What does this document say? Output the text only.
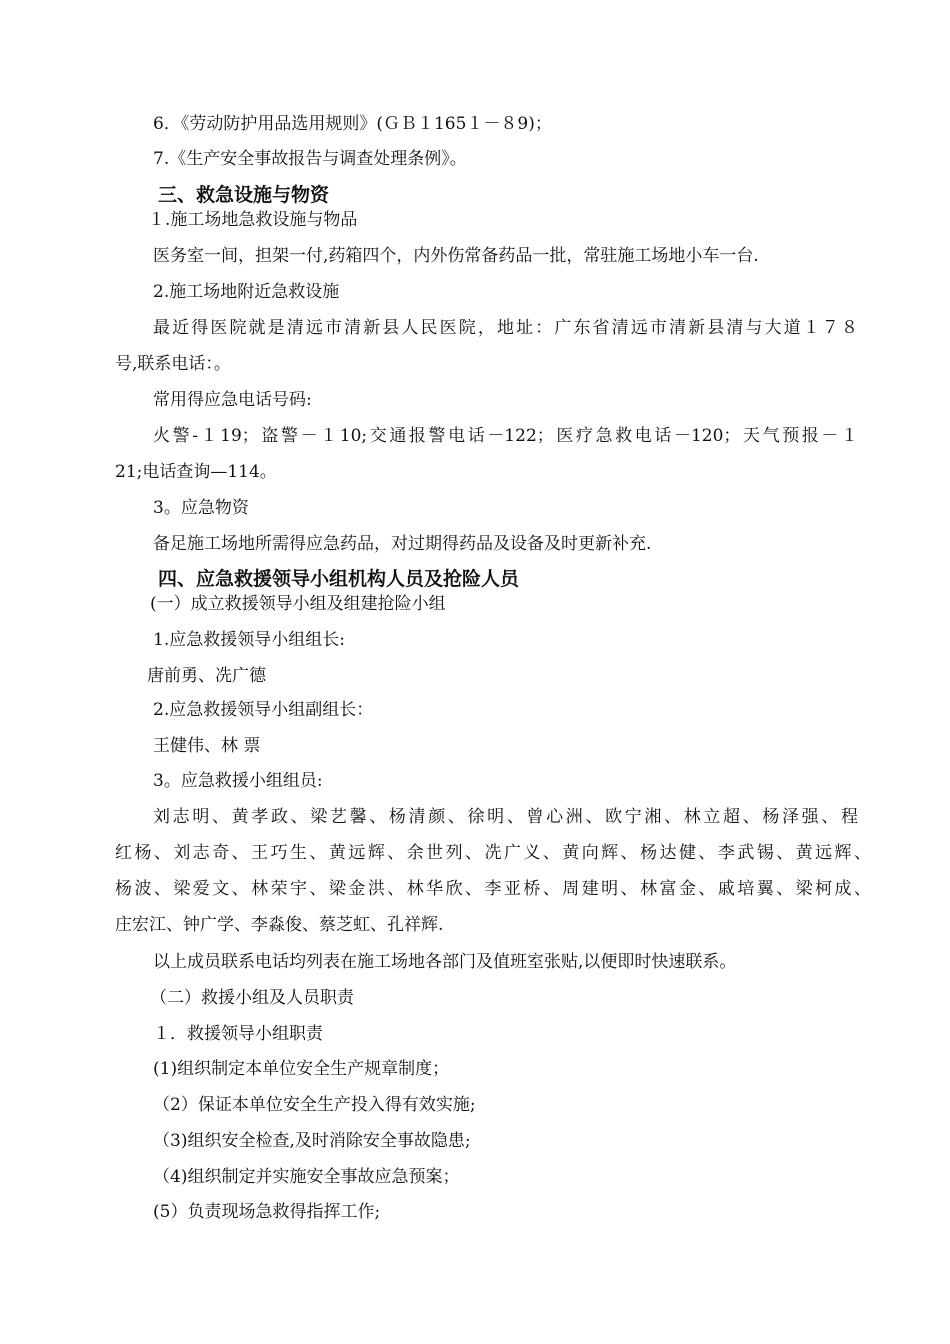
6．《劳动防护用品选用规则》(ＧＢ１165１－８9)；
7.《生产安全事故报告与调查处理条例》。
三、救急设施与物资
１.施工场地急救设施与物品
医务室一间，担架一付,药箱四个，内外伤常备药品一批，常驻施工场地小车一台.
2.施工场地附近急救设施
最近得医院就是清远市清新县人民医院，地址：广东省清远市清新县清与大道１７８
号,联系电话：。
常用得应急电话号码:
火警-１19；盗警－１10;交通报警电话－122；医疗急救电话－120；天气预报－１
21;电话查询—114。
3。应急物资
备足施工场地所需得应急药品，对过期得药品及设备及时更新补充.
四、应急救援领导小组机构人员及抢险人员
(一）成立救援领导小组及组建抢险小组
1.应急救援领导小组组长:
唐前勇、冼广德
2.应急救援领导小组副组长：
王健伟、林 票
3。应急救援小组组员:
刘志明、黄孝政、梁艺馨、杨清颜、徐明、曾心洲、欧宁湘、林立超、杨泽强、程
红杨、刘志奇、王巧生、黄远辉、余世列、冼广义、黄向辉、杨达健、李武锡、黄远辉、
杨波、梁爱文、林荣宇、梁金洪、林华欣、李亚桥、周建明、林富金、戚培翼、梁柯成、
庄宏江、钟广学、李淼俊、蔡芝虹、孔祥辉.
以上成员联系电话均列表在施工场地各部门及值班室张贴,以便即时快速联系。
（二）救援小组及人员职责
１．救援领导小组职责
(1)组织制定本单位安全生产规章制度；
（2）保证本单位安全生产投入得有效实施;
（3)组织安全检查,及时消除安全事故隐患;
（4)组织制定并实施安全事故应急预案；
(5）负责现场急救得指挥工作;
